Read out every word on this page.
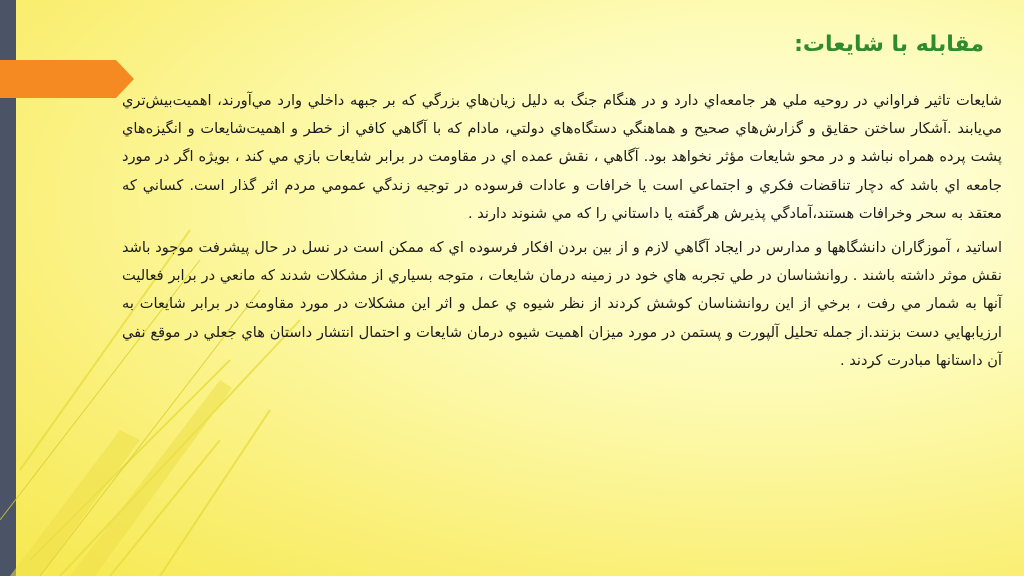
مقابله با شايعات:

شايعات تاثير فراواني در روحيه ملي هر جامعه‌اي دارد و در هنگام جنگ به دليل زيان‌هاي بزرگي كه بر جبهه داخلي وارد مي‌آورند، اهميت‌بيش‌تري مي‌يابند .آشكار ساختن حقايق و گزارش‌هاي صحيح و هماهنگي دستگاه‌هاي دولتي، مادام كه با آگاهي كافي از خطر و اهميت‌شايعات و انگيزه‌هاي پشت پرده همراه نباشد و در محو شايعات مؤثر نخواهد بود. آگاهي ، نقش عمده اي در مقاومت در برابر شايعات بازي مي كند ، بويژه اگر در مورد جامعه اي باشد كه دچار تناقضات فكري و اجتماعي است يا خرافات و عادات فرسوده در توجيه زندگي عمومي مردم اثر گذار است. كساني كه معتقد به سحر وخرافات هستند،آمادگي پذيرش هرگفته يا داستاني را كه مي شنوند دارند .

اساتيد ، آموزگاران دانشگاهها و مدارس در ايجاد آگاهي لازم و از بين بردن افكار فرسوده اي كه ممكن است در نسل در حال پيشرفت موجود باشد نقش موثر داشته باشند . روانشناسان در طي تجربه هاي خود در زمينه درمان شايعات ، متوجه بسياري از مشكلات شدند كه مانعي در برابر فعاليت آنها به شمار مي رفت ، برخي از اين روانشناسان كوشش كردند از نظر شيوه ي عمل و اثر اين مشكلات در مورد مقاومت در برابر شايعات به ارزيابهايي دست بزنند.از جمله تحليل آلپورت و پستمن در مورد ميزان اهميت شيوه درمان شايعات و احتمال انتشار داستان هاي جعلي در موقع نفي آن داستانها مبادرت كردند .
